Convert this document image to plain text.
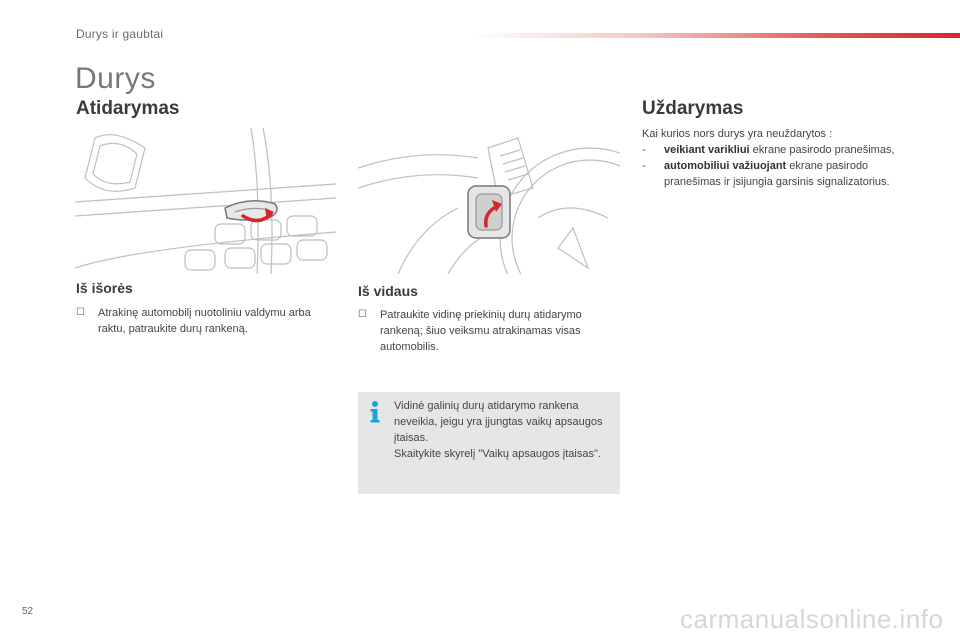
Durys ir gaubtai
Durys
Atidarymas	Uždarymas
Iš išorės
☐	Atrakinę automobilį nuotoliniu valdymu arba raktu, patraukite durų rankeną.
Iš vidaus
☐	Patraukite vidinę priekinių durų atidarymo rankeną; šiuo veiksmu atrakinamas visas automobilis.
Kai kurios nors durys yra neuždarytos :
-	veikiant varikliui ekrane pasirodo pranešimas,
-	automobiliui važiuojant ekrane pasirodo pranešimas ir įsijungia garsinis signalizatorius.
Vidinė galinių durų atidarymo rankena neveikia, jeigu yra įjungtas vaikų apsaugos įtaisas.
Skaitykite skyrelį "Vaikų apsaugos įtaisas".
52	carmanualsonline.info
